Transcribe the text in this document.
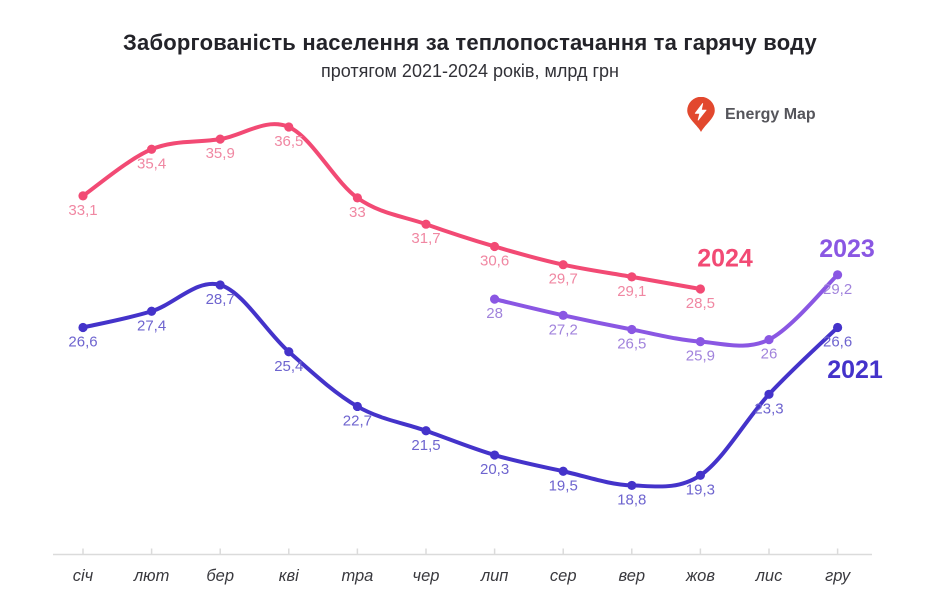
Заборгованість населення за теплопостачання та гарячу воду
протягом 2021-2024 років, млрд грн
Energy Map
січ лют бер	кві	тра чер	лип	сер	вер жов лис	гру
33,1
35,4
35,9
36,5
33
31,7
30,6
29,7
29,1
28,5
2024
28
27,2
26,5
25,9	26
29,2
2023
26,6
27,4
28,7
25,4
22,7
21,5
20,3
19,5
18,8
19,3
23,3
26,6
2021
